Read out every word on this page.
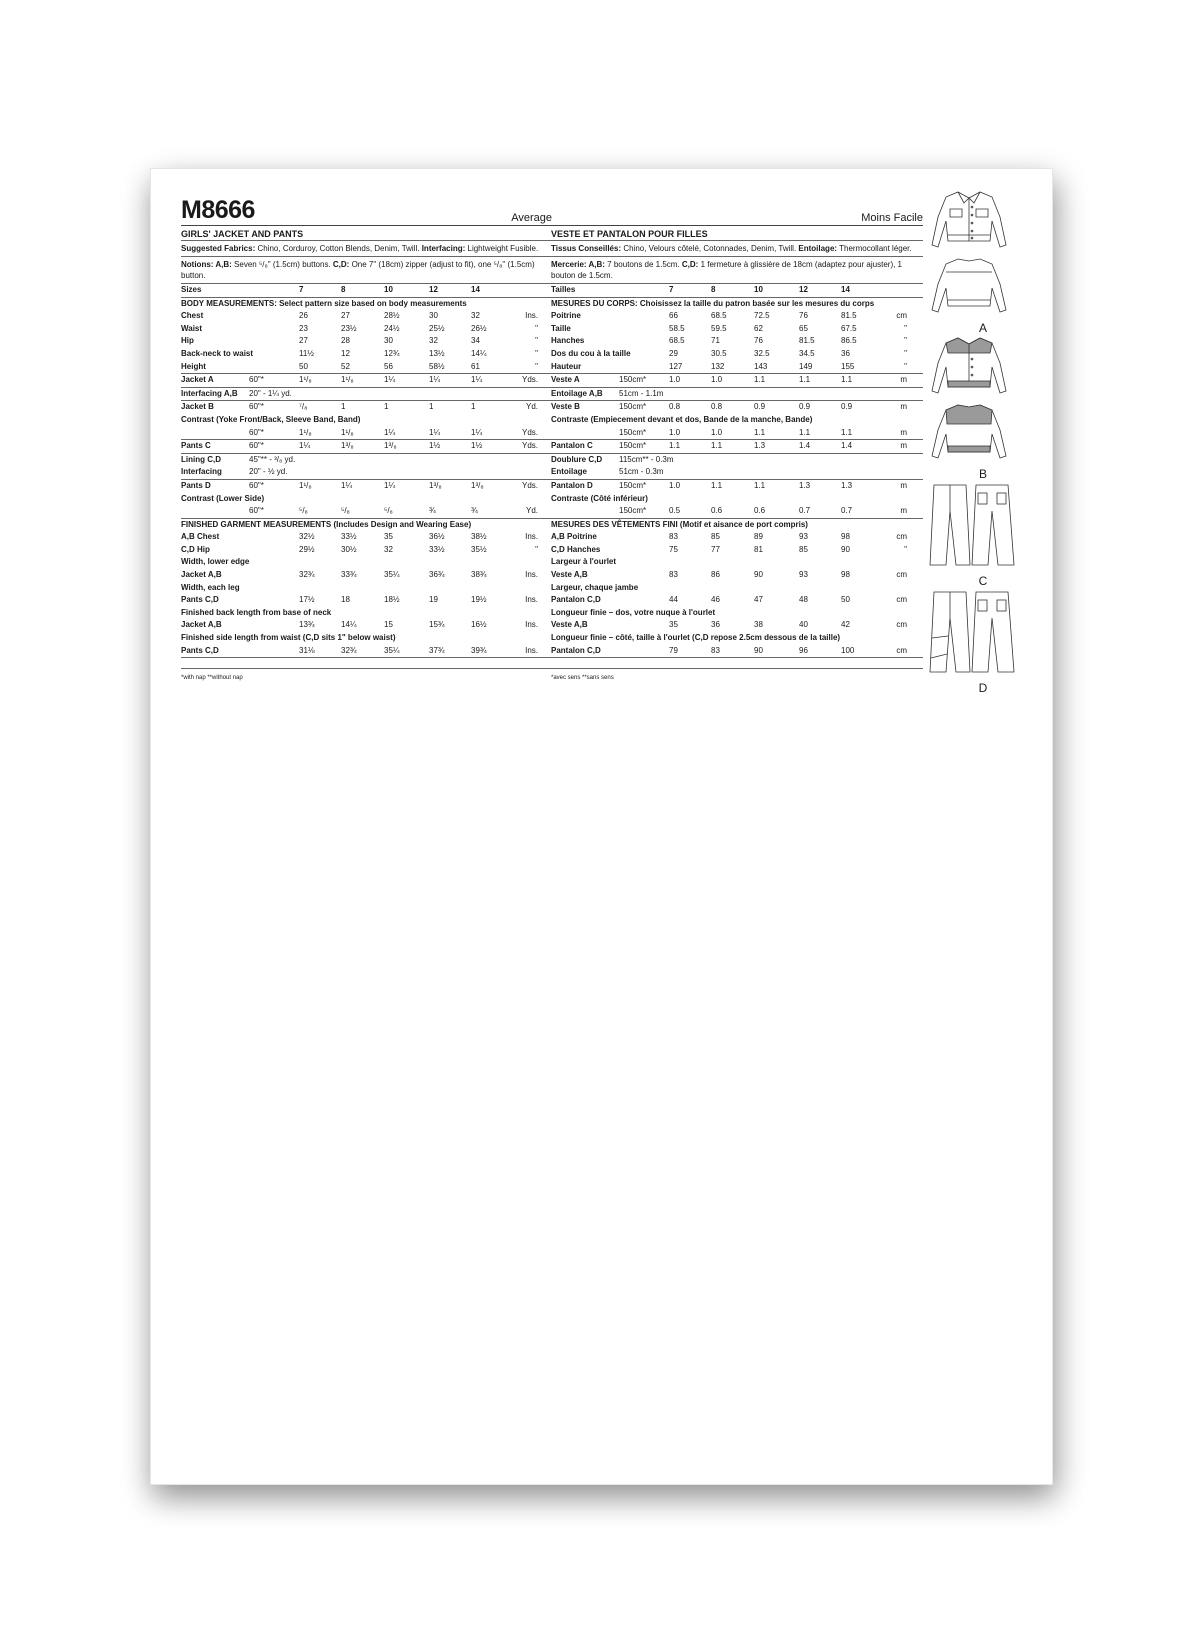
M8666	Average
GIRLS' JACKET AND PANTS
Suggested Fabrics: Chino, Corduroy, Cotton Blends, Denim, Twill. Interfacing: Lightweight Fusible.
Notions: A,B: Seven ⁵/₈" (1.5cm) buttons. C,D: One 7" (18cm) zipper (adjust to fit), one ⁵/₈" (1.5cm) button.
Sizes	7	8	10	12	14
BODY MEASUREMENTS: Select pattern size based on body measurements
Chest	26	27	28½	30	32	Ins.
Waist	23	23½	24½	25½	26½	"
Hip	27	28	30	32	34	"
Back-neck to waist	11½	12	12¾	13½	14¼	"
Height	50	52	56	58½	61	"
Jacket A	60"*	1¹/₈	1¹/₈	1¼	1¼	1¼	Yds.
Interfacing A,B 20" - 1¼ yd.
Jacket B	60"*	⁷/₈	1	1	1	1	Yd.
Contrast (Yoke Front/Back, Sleeve Band, Band)
60"*	1¹/₈	1¹/₈	1¼	1¼	1¼	Yds.
Pants C	60"*	1¼	1³/₈	1³/₈	1½	1½	Yds.
Lining C,D	45"** - ³/₈ yd.
Interfacing	20" - ½ yd.
Pants D	60"*	1¹/₈	1¼	1¼	1³/₈	1³/₈	Yds.
Contrast (Lower Side)
60"*	⁵/₈	⁵/₈	⁵/₈	¾	¾	Yd.
FINISHED GARMENT MEASUREMENTS (Includes Design and Wearing Ease)
A,B Chest	32½	33½	35	36½	38½	Ins.
C,D Hip	29½	30½	32	33½	35½	"
Width, lower edge
Jacket A,B	32¾	33¾	35¼	36¾	38¾	Ins.
Width, each leg
Pants C,D	17½	18	18½	19	19½	Ins.
Finished back length from base of neck
Jacket A,B	13¾	14¼	15	15¾	16½	Ins.
Finished side length from waist (C,D sits 1" below waist)
Pants C,D	31⅛	32¾	35¼	37¾	39¾	Ins.
*with nap **without nap
Moins Facile
VESTE ET PANTALON POUR FILLES
Tissus Conseillés: Chino, Velours côtelé, Cotonnades, Denim, Twill. Entoilage: Thermocollant léger.
Mercerie: A,B: 7 boutons de 1.5cm. C,D: 1 fermeture à glissière de 18cm (adaptez pour ajuster), 1 bouton de 1.5cm.
Tailles	7	8	10	12	14
MESURES DU CORPS: Choisissez la taille du patron basée sur les mesures du corps
Poitrine	66	68.5	72.5	76	81.5	cm
Taille	58.5	59.5	62	65	67.5	"
Hanches	68.5	71	76	81.5	86.5	"
Dos du cou à la taille	29	30.5	32.5	34.5	36	"
Hauteur	127	132	143	149	155	"
Veste A	150cm*	1.0	1.0	1.1	1.1	1.1	m
Entoilage A,B 51cm - 1.1m
Veste B	150cm*	0.8	0.8	0.9	0.9	0.9	m
Contraste (Empiecement devant et dos, Bande de la manche, Bande)
150cm*	1.0	1.0	1.1	1.1	1.1	m
Pantalon C	150cm*	1.1	1.1	1.3	1.4	1.4	m
Doublure C,D 115cm** - 0.3m
Entoilage	51cm - 0.3m
Pantalon D	150cm*	1.0	1.1	1.1	1.3	1.3	m
Contraste (Côté inférieur)
150cm*	0.5	0.6	0.6	0.7	0.7	m
MESURES DES VÊTEMENTS FINI (Motif et aisance de port compris)
A,B Poitrine	83	85	89	93	98	cm
C,D Hanches	75	77	81	85	90	"
Largeur à l'ourlet
Veste A,B	83	86	90	93	98	cm
Largeur, chaque jambe
Pantalon C,D	44	46	47	48	50	cm
Longueur finie – dos, votre nuque à l'ourlet
Veste A,B	35	36	38	40	42	cm
Longueur finie – côté, taille à l'ourlet (C,D repose 2.5cm dessous de la taille)
Pantalon C,D	79	83	90	96	100	cm
*avec sens **sans sens

A

B
C
D
